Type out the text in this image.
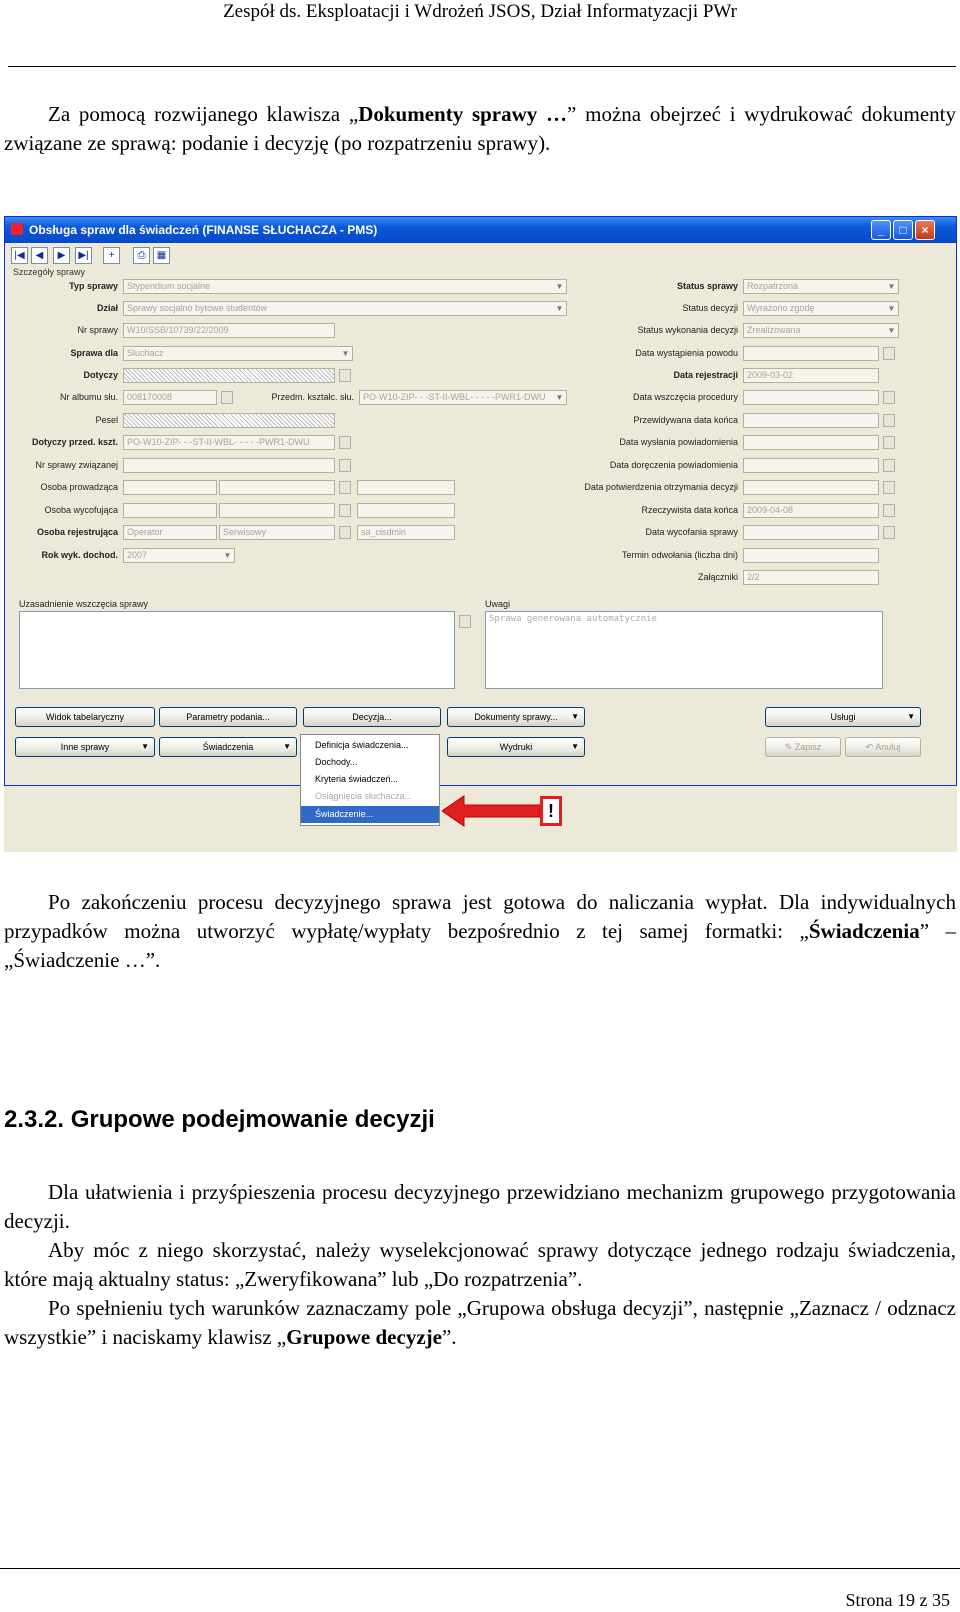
Zespół ds. Eksploatacji i Wdrożeń JSOS, Dział Informatyzacji PWr
Za pomocą rozwijanego klawisza „Dokumenty sprawy …” można obejrzeć i wydrukować dokumenty związane ze sprawą: podanie i decyzję (po rozpatrzeniu sprawy).
Obsługa spraw dla świadczeń (FINANSE SŁUCHACZA - PMS)	_	□	×
|◀	◀	▶	▶|	+	⎙	▦
Szczegóły sprawy
Typ sprawy	Stypendium socjalne	▼
Dział	Sprawy socjalno bytowe studentów	▼
Nr sprawy	W10/SSB/10739/22/2009
Sprawa dla	Słuchacz	▼
Dotyczy
Nr albumu słu.	008170008	Przedm. kształc. słu.	PO-W10-ZIP- - -ST-II-WBL- - - - -PWR1-DWU ▼
Pesel
Dotyczy przed. kszt.	PO-W10-ZIP- - -ST-II-WBL- - - - -PWR1-DWU
Nr sprawy związanej
Osoba prowadząca
Osoba wycofująca
Osoba rejestrująca	Operator	Serwisowy	sa_cisdmin
Rok wyk. dochod.	2007	▼
Status sprawy	Rozpatrzona	▼
Status decyzji	Wyrażono zgodę	▼
Status wykonania decyzji	Zrealizowana	▼
Data wystąpienia powodu
Data rejestracji	2009-03-02
Data wszczęcia procedury
Przewidywana data końca
Data wysłania powiadomienia
Data doręczenia powiadomienia
Data potwierdzenia otrzymania decyzji
Rzeczywista data końca	2009-04-08
Data wycofania sprawy
Termin odwołania (liczba dni)
Załączniki	2/2
Uzasadnienie wszczęcia sprawy	Uwagi
Sprawa generowana automatycznie
Widok tabelaryczny	Parametry podania...	Decyzja...	Dokumenty sprawy... ▼	Usługi	▼
Inne sprawy	▼	Świadczenia	▼	Wydruki	▼	✎ Zapisz	↶ Anuluj
Definicja świadczenia...
Dochody...
Kryteria świadczeń...
Osiągnięcia słuchacza...
Świadczenie...	!
Po zakończeniu procesu decyzyjnego sprawa jest gotowa do naliczania wypłat. Dla indywidualnych przypadków można utworzyć wypłatę/wypłaty bezpośrednio z tej samej formatki: „Świadczenia” – „Świadczenie …”.
2.3.2. Grupowe podejmowanie decyzji
Dla ułatwienia i przyśpieszenia procesu decyzyjnego przewidziano mechanizm grupowego przygotowania decyzji.
Aby móc z niego skorzystać, należy wyselekcjonować sprawy dotyczące jednego rodzaju świadczenia, które mają aktualny status: „Zweryfikowana” lub „Do rozpatrzenia”.
Po spełnieniu tych warunków zaznaczamy pole „Grupowa obsługa decyzji”, następnie „Zaznacz / odznacz wszystkie” i naciskamy klawisz „Grupowe decyzje”.
Strona 19 z 35
